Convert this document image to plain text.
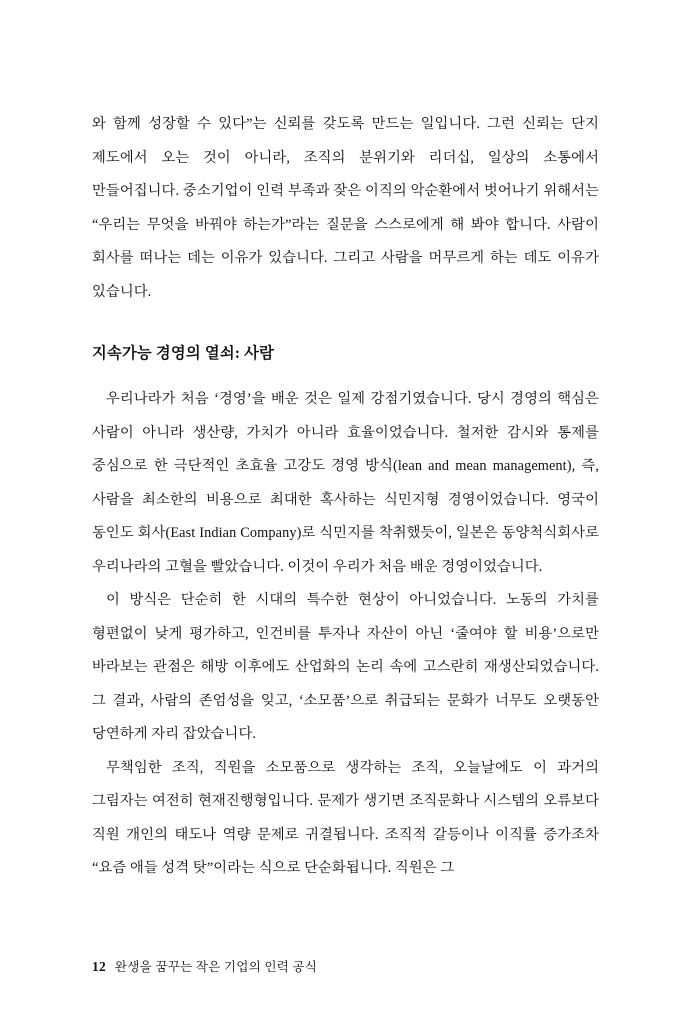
와 함께 성장할 수 있다”는 신뢰를 갖도록 만드는 일입니다. 그런 신뢰는 단지 제도에서 오는 것이 아니라, 조직의 분위기와 리더십, 일상의 소통에서 만들어집니다. 중소기업이 인력 부족과 잦은 이직의 악순환에서 벗어나기 위해서는 “우리는 무엇을 바꿔야 하는가”라는 질문을 스스로에게 해 봐야 합니다. 사람이 회사를 떠나는 데는 이유가 있습니다. 그리고 사람을 머무르게 하는 데도 이유가 있습니다.

지속가능 경영의 열쇠: 사람

우리나라가 처음 ‘경영’을 배운 것은 일제 강점기였습니다. 당시 경영의 핵심은 사람이 아니라 생산량, 가치가 아니라 효율이었습니다. 철저한 감시와 통제를 중심으로 한 극단적인 초효율 고강도 경영 방식(lean and mean management), 즉, 사람을 최소한의 비용으로 최대한 혹사하는 식민지형 경영이었습니다. 영국이 동인도 회사(East Indian Company)로 식민지를 착취했듯이, 일본은 동양척식회사로 우리나라의 고혈을 빨았습니다. 이것이 우리가 처음 배운 경영이었습니다.

이 방식은 단순히 한 시대의 특수한 현상이 아니었습니다. 노동의 가치를 형편없이 낮게 평가하고, 인건비를 투자나 자산이 아닌 ‘줄여야 할 비용’으로만 바라보는 관점은 해방 이후에도 산업화의 논리 속에 고스란히 재생산되었습니다. 그 결과, 사람의 존엄성을 잊고, ‘소모품’으로 취급되는 문화가 너무도 오랫동안 당연하게 자리 잡았습니다.

무책임한 조직, 직원을 소모품으로 생각하는 조직, 오늘날에도 이 과거의 그림자는 여전히 현재진행형입니다. 문제가 생기면 조직문화나 시스템의 오류보다 직원 개인의 태도나 역량 문제로 귀결됩니다. 조직적 갈등이나 이직률 증가조차 “요즘 애들 성격 탓”이라는 식으로 단순화됩니다. 직원은 그

12 완생을 꿈꾸는 작은 기업의 인력 공식
